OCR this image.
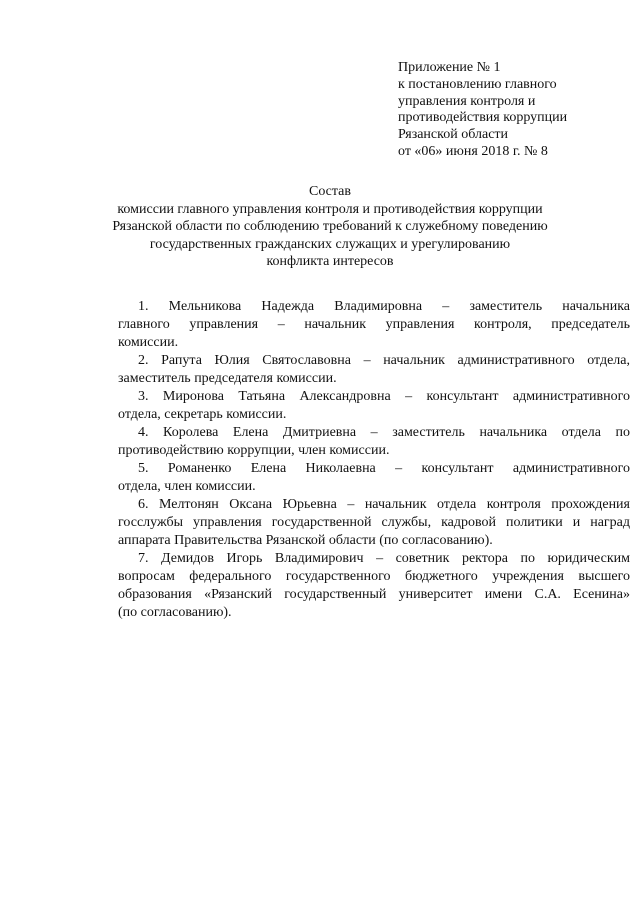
Приложение № 1
к постановлению главного
управления контроля и
противодействия коррупции
Рязанской области
от «06» июня 2018 г. № 8
Состав
комиссии главного управления контроля и противодействия коррупции
Рязанской области по соблюдению требований к служебному поведению
государственных гражданских служащих и урегулированию
конфликта интересов
1. Мельникова Надежда Владимировна – заместитель начальника
главного управления – начальник управления контроля, председатель
комиссии.
2. Рапута Юлия Святославовна – начальник административного отдела,
заместитель председателя комиссии.
3. Миронова Татьяна Александровна – консультант административного
отдела, секретарь комиссии.
4. Королева Елена Дмитриевна – заместитель начальника отдела по
противодействию коррупции, член комиссии.
5. Романенко Елена Николаевна – консультант административного
отдела, член комиссии.
6. Мелтонян Оксана Юрьевна – начальник отдела контроля прохождения
госслужбы управления государственной службы, кадровой политики и наград
аппарата Правительства Рязанской области (по согласованию).
7. Демидов Игорь Владимирович – советник ректора по юридическим
вопросам федерального государственного бюджетного учреждения высшего
образования «Рязанский государственный университет имени С.А. Есенина»
(по согласованию).
